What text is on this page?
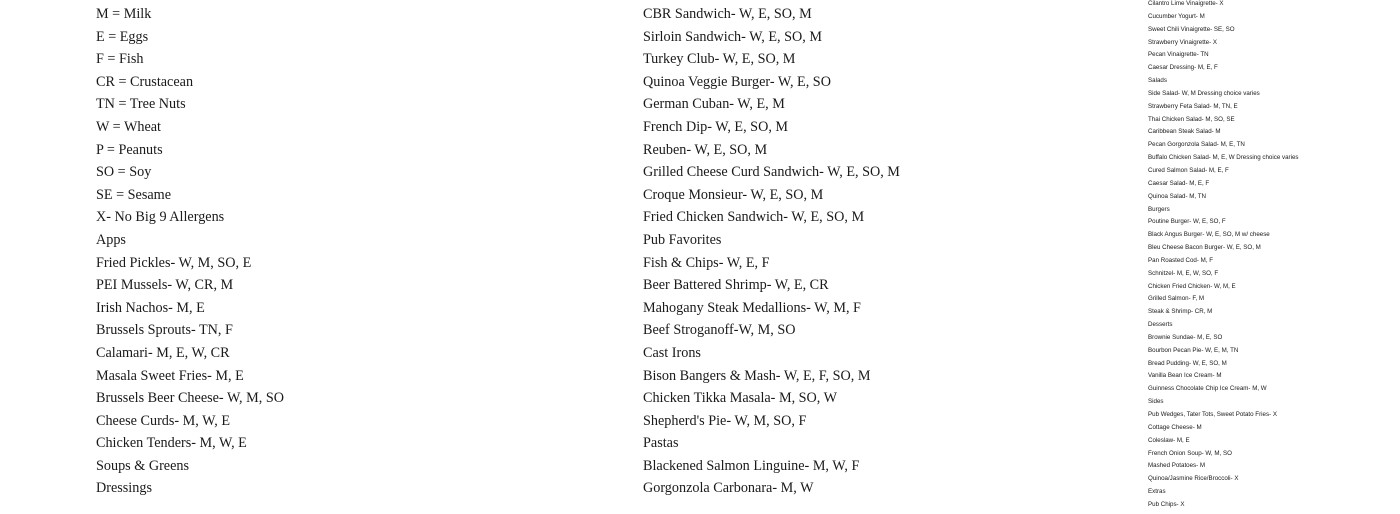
M = Milk
E = Eggs
F = Fish
CR = Crustacean
TN = Tree Nuts
W = Wheat
P = Peanuts
SO = Soy
SE = Sesame
X- No Big 9 Allergens
Apps
Fried Pickles- W, M, SO, E
PEI Mussels- W, CR, M
Irish Nachos- M, E
Brussels Sprouts- TN, F
Calamari- M, E, W, CR
Masala Sweet Fries- M, E
Brussels Beer Cheese- W, M, SO
Cheese Curds- M, W, E
Chicken Tenders- M, W, E
Soups & Greens
Dressings
CBR Sandwich- W, E, SO, M
Sirloin Sandwich- W, E, SO, M
Turkey Club- W, E, SO, M
Quinoa Veggie Burger- W, E, SO
German Cuban- W, E, M
French Dip- W, E, SO, M
Reuben- W, E, SO, M
Grilled Cheese Curd Sandwich- W, E, SO, M
Croque Monsieur- W, E, SO, M
Fried Chicken Sandwich- W, E, SO, M
Pub Favorites
Fish & Chips- W, E, F
Beer Battered Shrimp- W, E, CR
Mahogany Steak Medallions- W, M, F
Beef Stroganoff-W, M, SO
Cast Irons
Bison Bangers & Mash- W, E, F, SO, M
Chicken Tikka Masala- M, SO, W
Shepherd's Pie- W, M, SO, F
Pastas
Blackened Salmon Linguine- M, W, F
Gorgonzola Carbonara- M, W
Cilantro Lime Vinaigrette- X
Cucumber Yogurt- M
Sweet Chili Vinaigrette- SE, SO
Strawberry Vinaigrette- X
Pecan Vinaigrette- TN
Caesar Dressing- M, E, F
Salads
Side Salad- W, M Dressing choice varies
Strawberry Feta Salad- M, TN, E
Thai Chicken Salad- M, SO, SE
Caribbean Steak Salad- M
Pecan Gorgonzola Salad- M, E, TN
Buffalo Chicken Salad- M, E, W Dressing choice varies
Cured Salmon Salad- M, E, F
Caesar Salad- M, E, F
Quinoa Salad- M, TN
Burgers
Poutine Burger- W, E, SO, F
Black Angus Burger- W, E, SO, M w/ cheese
Bleu Cheese Bacon Burger- W, E, SO, M
Pan Roasted Cod- M, F
Schnitzel- M, E, W, SO, F
Chicken Fried Chicken- W, M, E
Grilled Salmon- F, M
Steak & Shrimp- CR, M
Desserts
Brownie Sundae- M, E, SO
Bourbon Pecan Pie- W, E, M, TN
Bread Pudding- W, E, SO, M
Vanilla Bean Ice Cream- M
Guinness Chocolate Chip Ice Cream- M, W
Sides
Pub Wedges, Tater Tots, Sweet Potato Fries- X
Cottage Cheese- M
Coleslaw- M, E
French Onion Soup- W, M, SO
Mashed Potatoes- M
Quinoa/Jasmine Rice/Broccoli- X
Extras
Pub Chips- X
